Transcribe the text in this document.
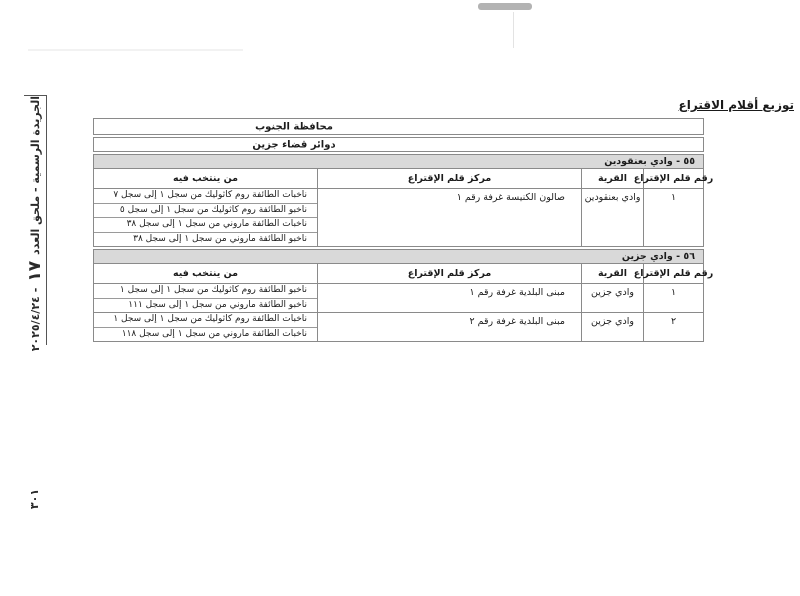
الجريدة الرسمية - ملحق العدد
١٧
-
٢٠٢٥/٤/٢٤
٣٠١
توزيع أقلام الاقتراع
محافظة الجنوب
دوائر قضاء جزين
٥٥ - وادي بعنقودين
رقم قلم الإقتراع
القرية
مركز قلم الإقتراع
من ينتخب فيه
١
وادي بعنقودين
صالون الكنيسة غرفة رقم ١
ناخبات الطائفة روم كاثوليك من سجل ١ إلى سجل ٧
ناخبو الطائفة روم كاثوليك من سجل ١ إلى سجل ٥
ناخبات الطائفة ماروني من سجل ١ إلى سجل ٣٨
ناخبو الطائفة ماروني من سجل ١ إلى سجل ٣٨
٥٦ - وادي جزين
رقم قلم الإقتراع
القرية
مركز قلم الإقتراع
من ينتخب فيه
١
وادي جزين
مبنى البلدية غرفة رقم ١
ناخبو الطائفة روم كاثوليك من سجل ١ إلى سجل ١
ناخبو الطائفة ماروني من سجل ١ إلى سجل ١١١
٢
وادي جزين
مبنى البلدية غرفة رقم ٢
ناخبات الطائفة روم كاثوليك من سجل ١ إلى سجل ١
ناخبات الطائفة ماروني من سجل ١ إلى سجل ١١٨
